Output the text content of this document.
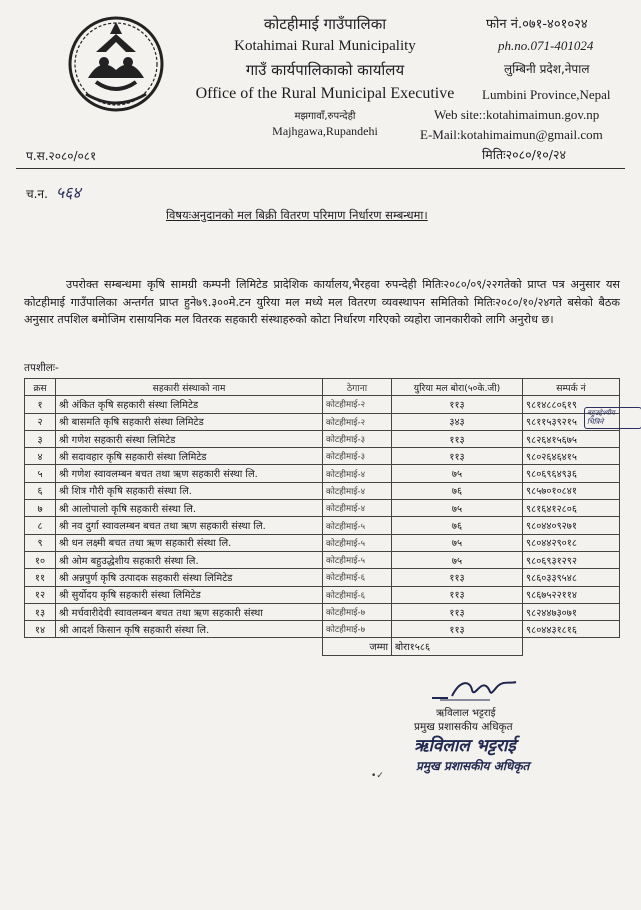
कोटहीमाई गाउँपालिका
Kotahimai Rural Municipality
गाउँ कार्यपालिकाको कार्यालय
Office of the Rural Municipal Executive
मझगावाँ,रुपन्देही
Majhgawa,Rupandehi
फोन नं.०७१-४०१०२४
ph.no.071-401024
लुम्बिनी प्रदेश,नेपाल
Lumbini Province,Nepal
Web site::kotahimaimun.gov.np
E-Mail:kotahimaimun@gmail.com
प.स.२०८०/०८१	मितिः२०८०/१०/२४
च.न. ५६४
विषयःअनुदानको मल बिक्री वितरण परिमाण निर्धारण सम्बन्धमा।
उपरोक्त सम्बन्धमा कृषि सामग्री कम्पनी लिमिटेड प्रादेशिक कार्यालय,भैरहवा रुपन्देही मितिः२०८०/०९/२२गतेको प्राप्त पत्र अनुसार यस कोटहीमाई गाउँपालिका अन्तर्गत प्राप्त हुने७९.३००मे.टन युरिया मल मध्ये मल वितरण व्यवस्थापन समितिको मितिः२०८०/१०/२४गते बसेको बैठक अनुसार तपशिल बमोजिम रासायनिक मल वितरक सहकारी संस्थाहरुको कोटा निर्धारण गरिएको व्यहोरा जानकारीको लागि अनुरोध छ।
तपशीलः-
क्रस	सहकारी संस्थाको नाम	ठेगाना	युरिया मल बोरा(५०के.जी)	सम्पर्क नं
१	श्री अंकित कृषि सहकारी संस्था लिमिटेड	कोटहीमाई-२	११३	९८१४८८०६१९
२	श्री बासमति कृषि सहकारी संस्था लिमिटेड	कोटहीमाई-२	३४३	९८११५३९२१५
३	श्री गणेश सहकारी संस्था लिमिटेड	कोटहीमाई-३	११३	९८२६४१५६७५
४	श्री सदावहार कृषि सहकारी संस्था लिमिटेड	कोटहीमाई-३	११३	९८०२६४६४१५
५	श्री गणेश स्वावलम्बन बचत तथा ऋण सहकारी संस्था लि.	कोटहीमाई-४	७५	९८०६९६४९३६
६	श्री शित्र गौरी कृषि सहकारी संस्था लि.	कोटहीमाई-४	७६	९८५७०१०८४१
७	श्री आलोपालो कृषि सहकारी संस्था लि.	कोटहीमाई-४	७५	९८१६४१२८०६
८	श्री नव दुर्गा स्वावलम्बन बचत तथा ऋण सहकारी संस्था लि.	कोटहीमाई-५	७६	९८०४४०९२७१
९	श्री धन लक्ष्मी बचत तथा ऋण सहकारी संस्था लि.	कोटहीमाई-५	७५	९८०४४२९०१८
१०	श्री ओम बहुउद्धेशीय सहकारी संस्था लि.	कोटहीमाई-५	७५	९८०६९३१२९२
११	श्री अन्नपुर्ण कृषि उत्पादक सहकारी संस्था लिमिटेड	कोटहीमाई-६	११३	९८६०३३९५४८
१२	श्री सुर्योदय कृषि सहकारी संस्था लिमिटेड	कोटहीमाई-६	११३	९८६७५२२११४
१३	श्री मर्चवारीदेवी स्वावलम्बन बचत तथा ऋण सहकारी संस्था	कोटहीमाई-७	११३	९८२४४७३०७१
१४	श्री आदर्श किसान कृषि सहकारी संस्था लि.	कोटहीमाई-७	११३	९८०४४३१८१६
		जम्मा	बोरा१५८६	
बहुउद्देश्यीय
भित्रिने
ऋविलाल भट्टराई
प्रमुख प्रशासकीय अधिकृत
ऋविलाल भट्टराई
प्रमुख प्रशासकीय अधिकृत
•✓
